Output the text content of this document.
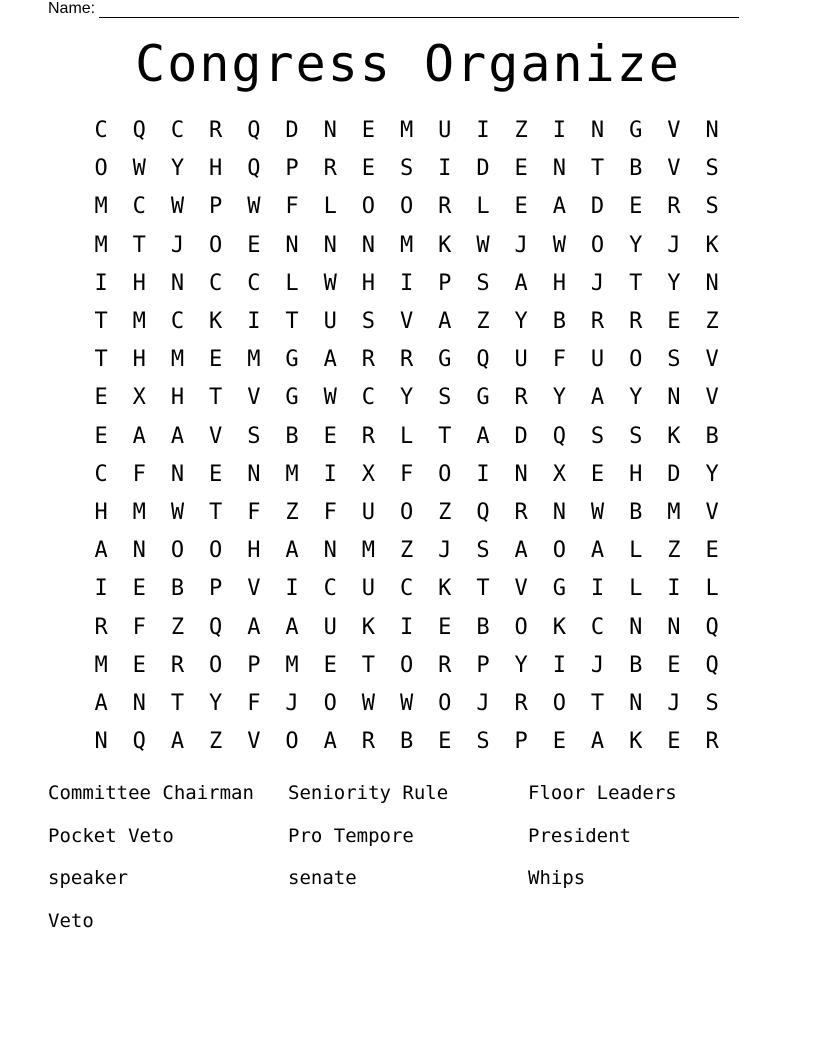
Name:
Congress Organize
C	Q	C	R	Q	D	N	E	M	U	I	Z	I	N	G	V	N
O	W	Y	H	Q	P	R	E	S	I	D	E	N	T	B	V	S
M	C	W	P	W	F	L	O	O	R	L	E	A	D	E	R	S
M	T	J	O	E	N	N	N	M	K	W	J	W	O	Y	J	K
I	H	N	C	C	L	W	H	I	P	S	A	H	J	T	Y	N
T	M	C	K	I	T	U	S	V	A	Z	Y	B	R	R	E	Z
T	H	M	E	M	G	A	R	R	G	Q	U	F	U	O	S	V
E	X	H	T	V	G	W	C	Y	S	G	R	Y	A	Y	N	V
E	A	A	V	S	B	E	R	L	T	A	D	Q	S	S	K	B
C	F	N	E	N	M	I	X	F	O	I	N	X	E	H	D	Y
H	M	W	T	F	Z	F	U	O	Z	Q	R	N	W	B	M	V
A	N	O	O	H	A	N	M	Z	J	S	A	O	A	L	Z	E
I	E	B	P	V	I	C	U	C	K	T	V	G	I	L	I	L
R	F	Z	Q	A	A	U	K	I	E	B	O	K	C	N	N	Q
M	E	R	O	P	M	E	T	O	R	P	Y	I	J	B	E	Q
A	N	T	Y	F	J	O	W	W	O	J	R	O	T	N	J	S
N	Q	A	Z	V	O	A	R	B	E	S	P	E	A	K	E	R
Committee Chairman	Seniority Rule	Floor Leaders
Pocket Veto	Pro Tempore	President
speaker	senate	Whips
Veto
